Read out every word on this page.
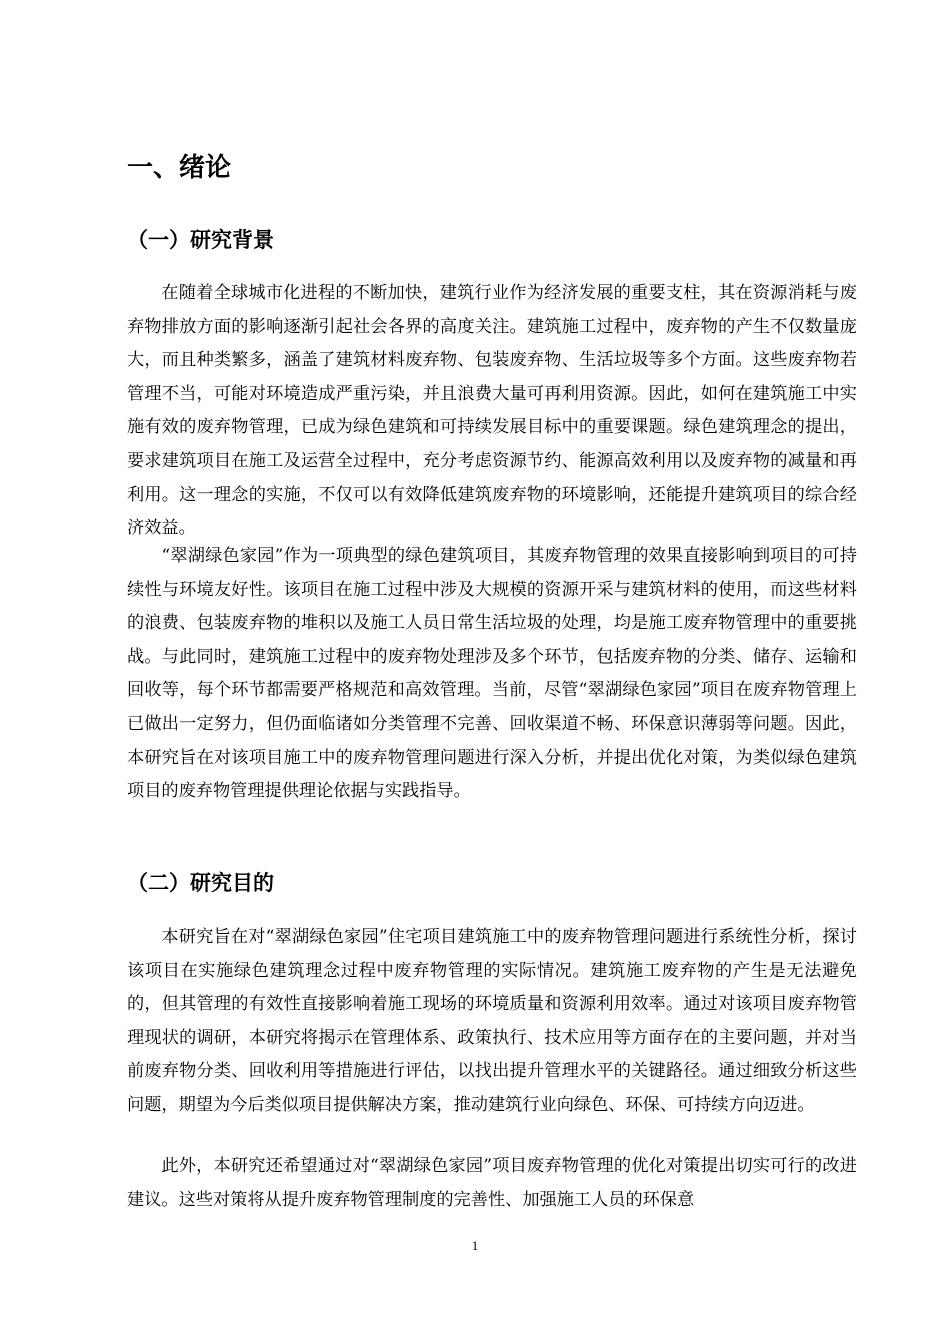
一、绪论
（一）研究背景

在随着全球城市化进程的不断加快，建筑行业作为经济发展的重要支柱，其在资源消耗与废弃物排放方面的影响逐渐引起社会各界的高度关注。建筑施工过程中，废弃物的产生不仅数量庞大，而且种类繁多，涵盖了建筑材料废弃物、包装废弃物、生活垃圾等多个方面。这些废弃物若管理不当，可能对环境造成严重污染，并且浪费大量可再利用资源。因此，如何在建筑施工中实施有效的废弃物管理，已成为绿色建筑和可持续发展目标中的重要课题。绿色建筑理念的提出，要求建筑项目在施工及运营全过程中，充分考虑资源节约、能源高效利用以及废弃物的减量和再利用。这一理念的实施，不仅可以有效降低建筑废弃物的环境影响，还能提升建筑项目的综合经济效益。

“翠湖绿色家园”作为一项典型的绿色建筑项目，其废弃物管理的效果直接影响到项目的可持续性与环境友好性。该项目在施工过程中涉及大规模的资源开采与建筑材料的使用，而这些材料的浪费、包装废弃物的堆积以及施工人员日常生活垃圾的处理，均是施工废弃物管理中的重要挑战。与此同时，建筑施工过程中的废弃物处理涉及多个环节，包括废弃物的分类、储存、运输和回收等，每个环节都需要严格规范和高效管理。当前，尽管“翠湖绿色家园”项目在废弃物管理上已做出一定努力，但仍面临诸如分类管理不完善、回收渠道不畅、环保意识薄弱等问题。因此，本研究旨在对该项目施工中的废弃物管理问题进行深入分析，并提出优化对策，为类似绿色建筑项目的废弃物管理提供理论依据与实践指导。

（二）研究目的

本研究旨在对“翠湖绿色家园”住宅项目建筑施工中的废弃物管理问题进行系统性分析，探讨该项目在实施绿色建筑理念过程中废弃物管理的实际情况。建筑施工废弃物的产生是无法避免的，但其管理的有效性直接影响着施工现场的环境质量和资源利用效率。通过对该项目废弃物管理现状的调研，本研究将揭示在管理体系、政策执行、技术应用等方面存在的主要问题，并对当前废弃物分类、回收利用等措施进行评估，以找出提升管理水平的关键路径。通过细致分析这些问题，期望为今后类似项目提供解决方案，推动建筑行业向绿色、环保、可持续方向迈进。

此外，本研究还希望通过对“翠湖绿色家园”项目废弃物管理的优化对策提出切实可行的改进建议。这些对策将从提升废弃物管理制度的完善性、加强施工人员的环保意

1
